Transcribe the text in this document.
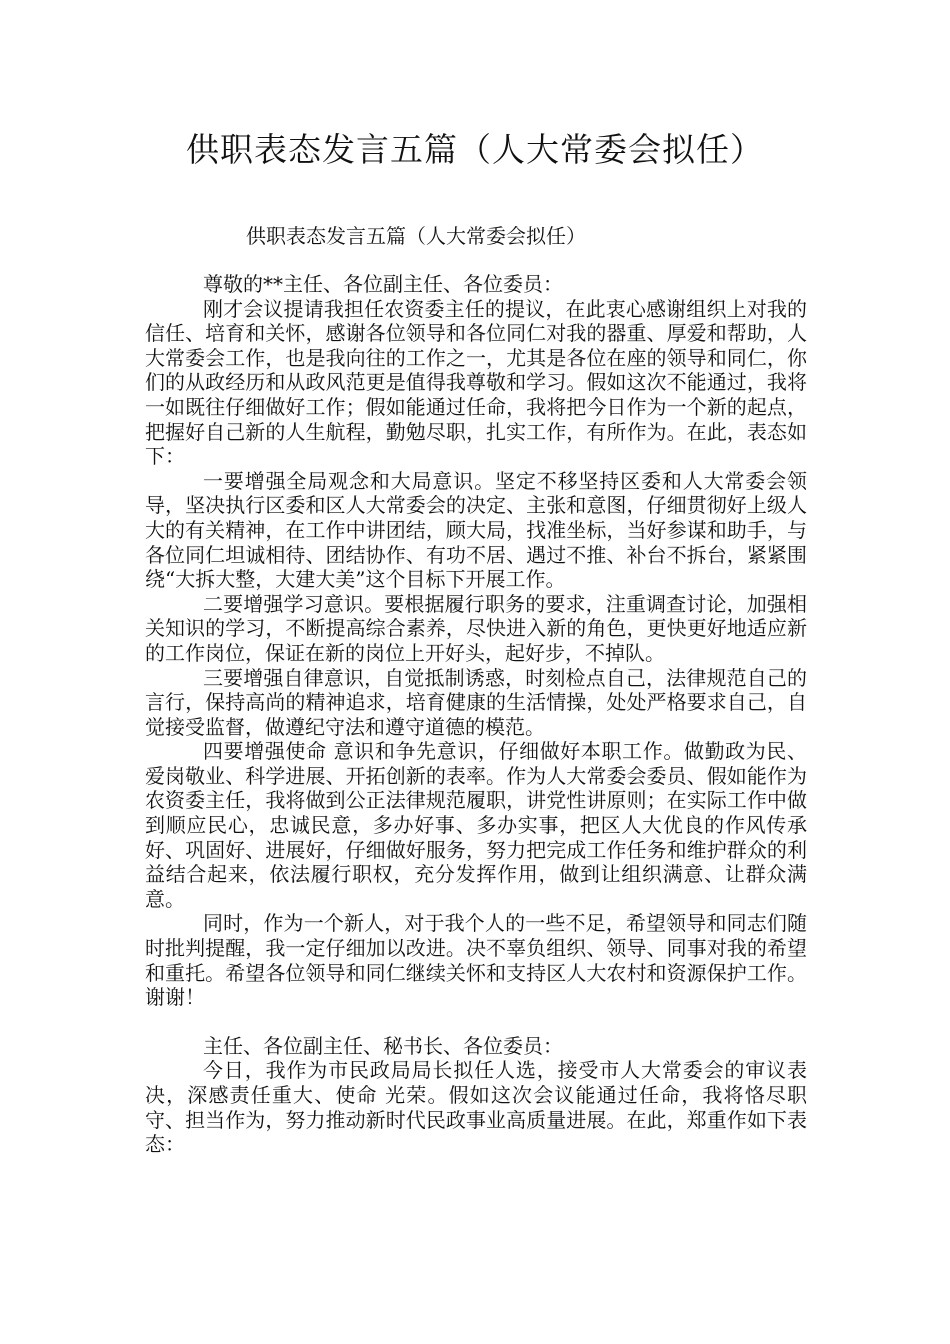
供职表态发言五篇（人大常委会拟任）
供职表态发言五篇（人大常委会拟任）

尊敬的**主任、各位副主任、各位委员：

刚才会议提请我担任农资委主任的提议，在此衷心感谢组织上对我的信任、培育和关怀，感谢各位领导和各位同仁对我的器重、厚爱和帮助，人大常委会工作，也是我向往的工作之一，尤其是各位在座的领导和同仁，你们的从政经历和从政风范更是值得我尊敬和学习。假如这次不能通过，我将一如既往仔细做好工作；假如能通过任命，我将把今日作为一个新的起点，把握好自己新的人生航程，勤勉尽职，扎实工作，有所作为。在此，表态如下：

一要增强全局观念和大局意识。坚定不移坚持区委和人大常委会领导，坚决执行区委和区人大常委会的决定、主张和意图，仔细贯彻好上级人大的有关精神，在工作中讲团结，顾大局，找准坐标，当好参谋和助手，与各位同仁坦诚相待、团结协作、有功不居、遇过不推、补台不拆台，紧紧围绕“大拆大整，大建大美”这个目标下开展工作。

二要增强学习意识。要根据履行职务的要求，注重调查讨论，加强相关知识的学习，不断提高综合素养，尽快进入新的角色，更快更好地适应新的工作岗位，保证在新的岗位上开好头，起好步，不掉队。

三要增强自律意识，自觉抵制诱惑，时刻检点自己，法律规范自己的言行，保持高尚的精神追求，培育健康的生活情操，处处严格要求自己，自觉接受监督，做遵纪守法和遵守道德的模范。

四要增强使命 意识和争先意识，仔细做好本职工作。做勤政为民、爱岗敬业、科学进展、开拓创新的表率。作为人大常委会委员、假如能作为农资委主任，我将做到公正法律规范履职，讲党性讲原则；在实际工作中做到顺应民心，忠诚民意，多办好事、多办实事，把区人大优良的作风传承好、巩固好、进展好，仔细做好服务，努力把完成工作任务和维护群众的利益结合起来，依法履行职权，充分发挥作用，做到让组织满意、让群众满意。

同时，作为一个新人，对于我个人的一些不足，希望领导和同志们随时批判提醒，我一定仔细加以改进。决不辜负组织、领导、同事对我的希望和重托。希望各位领导和同仁继续关怀和支持区人大农村和资源保护工作。谢谢！

主任、各位副主任、秘书长、各位委员：

今日，我作为市民政局局长拟任人选，接受市人大常委会的审议表决，深感责任重大、使命 光荣。假如这次会议能通过任命，我将恪尽职守、担当作为，努力推动新时代民政事业高质量进展。在此，郑重作如下表态：
